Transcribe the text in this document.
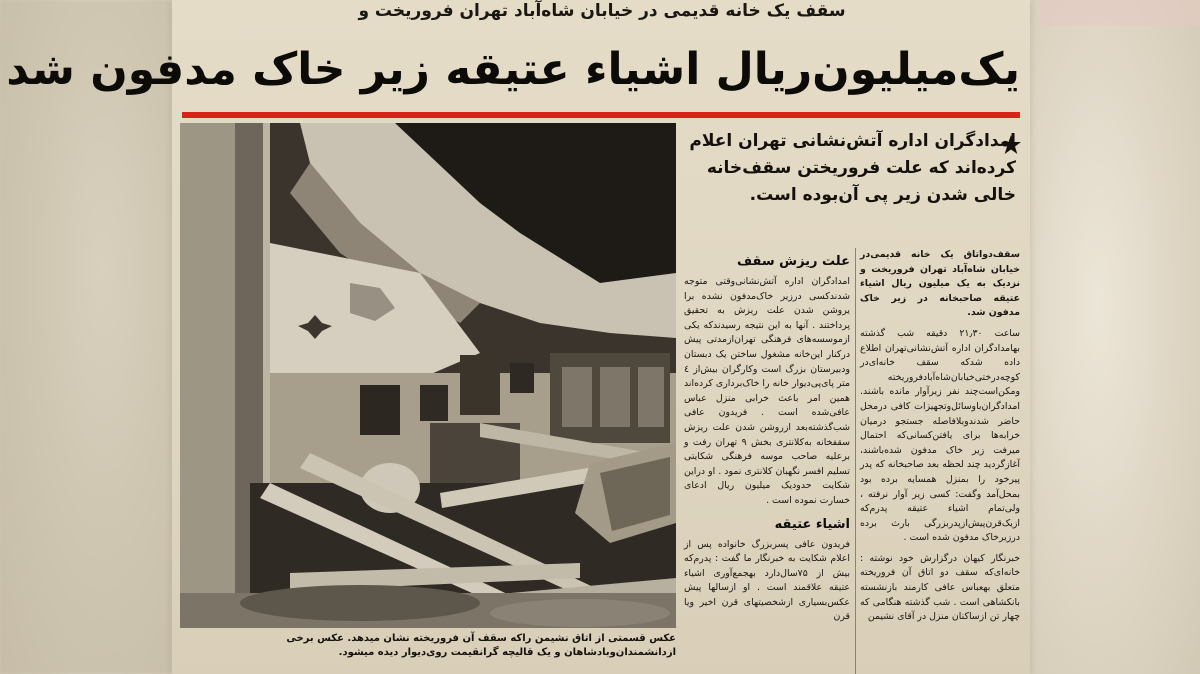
سقف یک خانه قدیمی در خیابان شاه‌آباد تهران فروریخت و
یک‌میلیون‌ریال اشیاء عتیقه زیر خاک مدفون شد
عکس قسمتی از اتاق نشیمن راکه سقف آن فروریخته نشان میدهد. عکس برخی ازدانشمندان‌وبادشاهان و یک قالیچه گرانقیمت روی‌دیوار دیده میشود.
امدادگران اداره آتش‌نشانی تهران اعلام کرده‌اند که علت فروریختن سقف‌خانه خالی شدن زیر پی آن‌بوده است.

سقف‌دواتاق یک خانه قدیمی‌در خیابان شاه‌آباد تهران فروریخت و نزدیک به یک میلیون ریال اشیاء عتیقه صاحبخانه در زیر خاک مدفون شد.

ساعت ۲۱٫۳۰ دقیقه شب گذشته بهامدادگران اداره آتش‌نشانی‌تهران اطلاع داده شدکه سقف خانه‌ای‌در کوچه‌درختی‌خیابان‌شاه‌آبادفروریخته ومکن‌است‌چند نفر زیرآوار مانده باشند. امدادگران‌باوسائل‌وتجهیزات کافی درمحل حاضر شدندوبلافاصله جستجو درمیان خرابه‌ها برای یافتن‌کسانی‌که احتمال میرفت زیر خاک مدفون شده‌باشند، آغازگردید چند لحظه بعد صاحبخانه که پدر پیرخود را بمنزل همسایه برده بود بمحل‌آمد وگفت: کسی زیر آوار نرفته ، ولی‌تمام اشیاء عتیقه پدرم‌که ازیک‌قرن‌پیش‌ازپدربزرگی بارث برده درزیرخاک مدفون شده است .

خبرنگار کیهان درگزارش خود نوشته : خانه‌ای‌که سقف دو اتاق آن فروریخته متعلق بهعباس عافی کارمند بازنشسته بانکشاهی است . شب گذشته هنگامی که چهار تن ازساکنان منزل در آقای نشیمن

علت ریزش سقف

امدادگران اداره آتش‌نشانی‌وقتی متوجه شدندکسی درزیر خاک‌مدفون نشده برا یروشن شدن علت ریزش به تحقیق پرداختند . آنها به این نتیجه رسیدندکه یکی ازموسسه‌های فرهنگی تهران‌ازمدتی پیش درکنار این‌خانه مشغول ساختن یک دبستان ودبیرستان بزرگ است وکارگران بیش‌از ٤ متر پای‌پی‌دیوار خانه را خاک‌برداری کرده‌اند همین امر باعث خرابی منزل عباس عافی‌شده است . فریدون عافی شب‌گذشته‌بعد ازروشن شدن علت ریزش سقفخانه به‌کلانتری بخش ۹ تهران رفت و برعلیه صاحب موسه فرهنگی شکایتی تسلیم افسر نگهبان کلانتری نمود . او دراین شکایت حدودیک میلیون ریال ادعای خسارت نموده است .

اشیاء عتیقه

فریدون عافی پسربزرگ خانواده پس از اعلام شکایت به خبرنگار ما گفت : پدرم‌که بیش از ۷۵سال‌دارد بهجمع‌آوری اشیاء عتیقه علاقمند است . او ازسالها پیش عکس‌بسیاری ازشخصیتهای قرن اخیر ویا قرن
